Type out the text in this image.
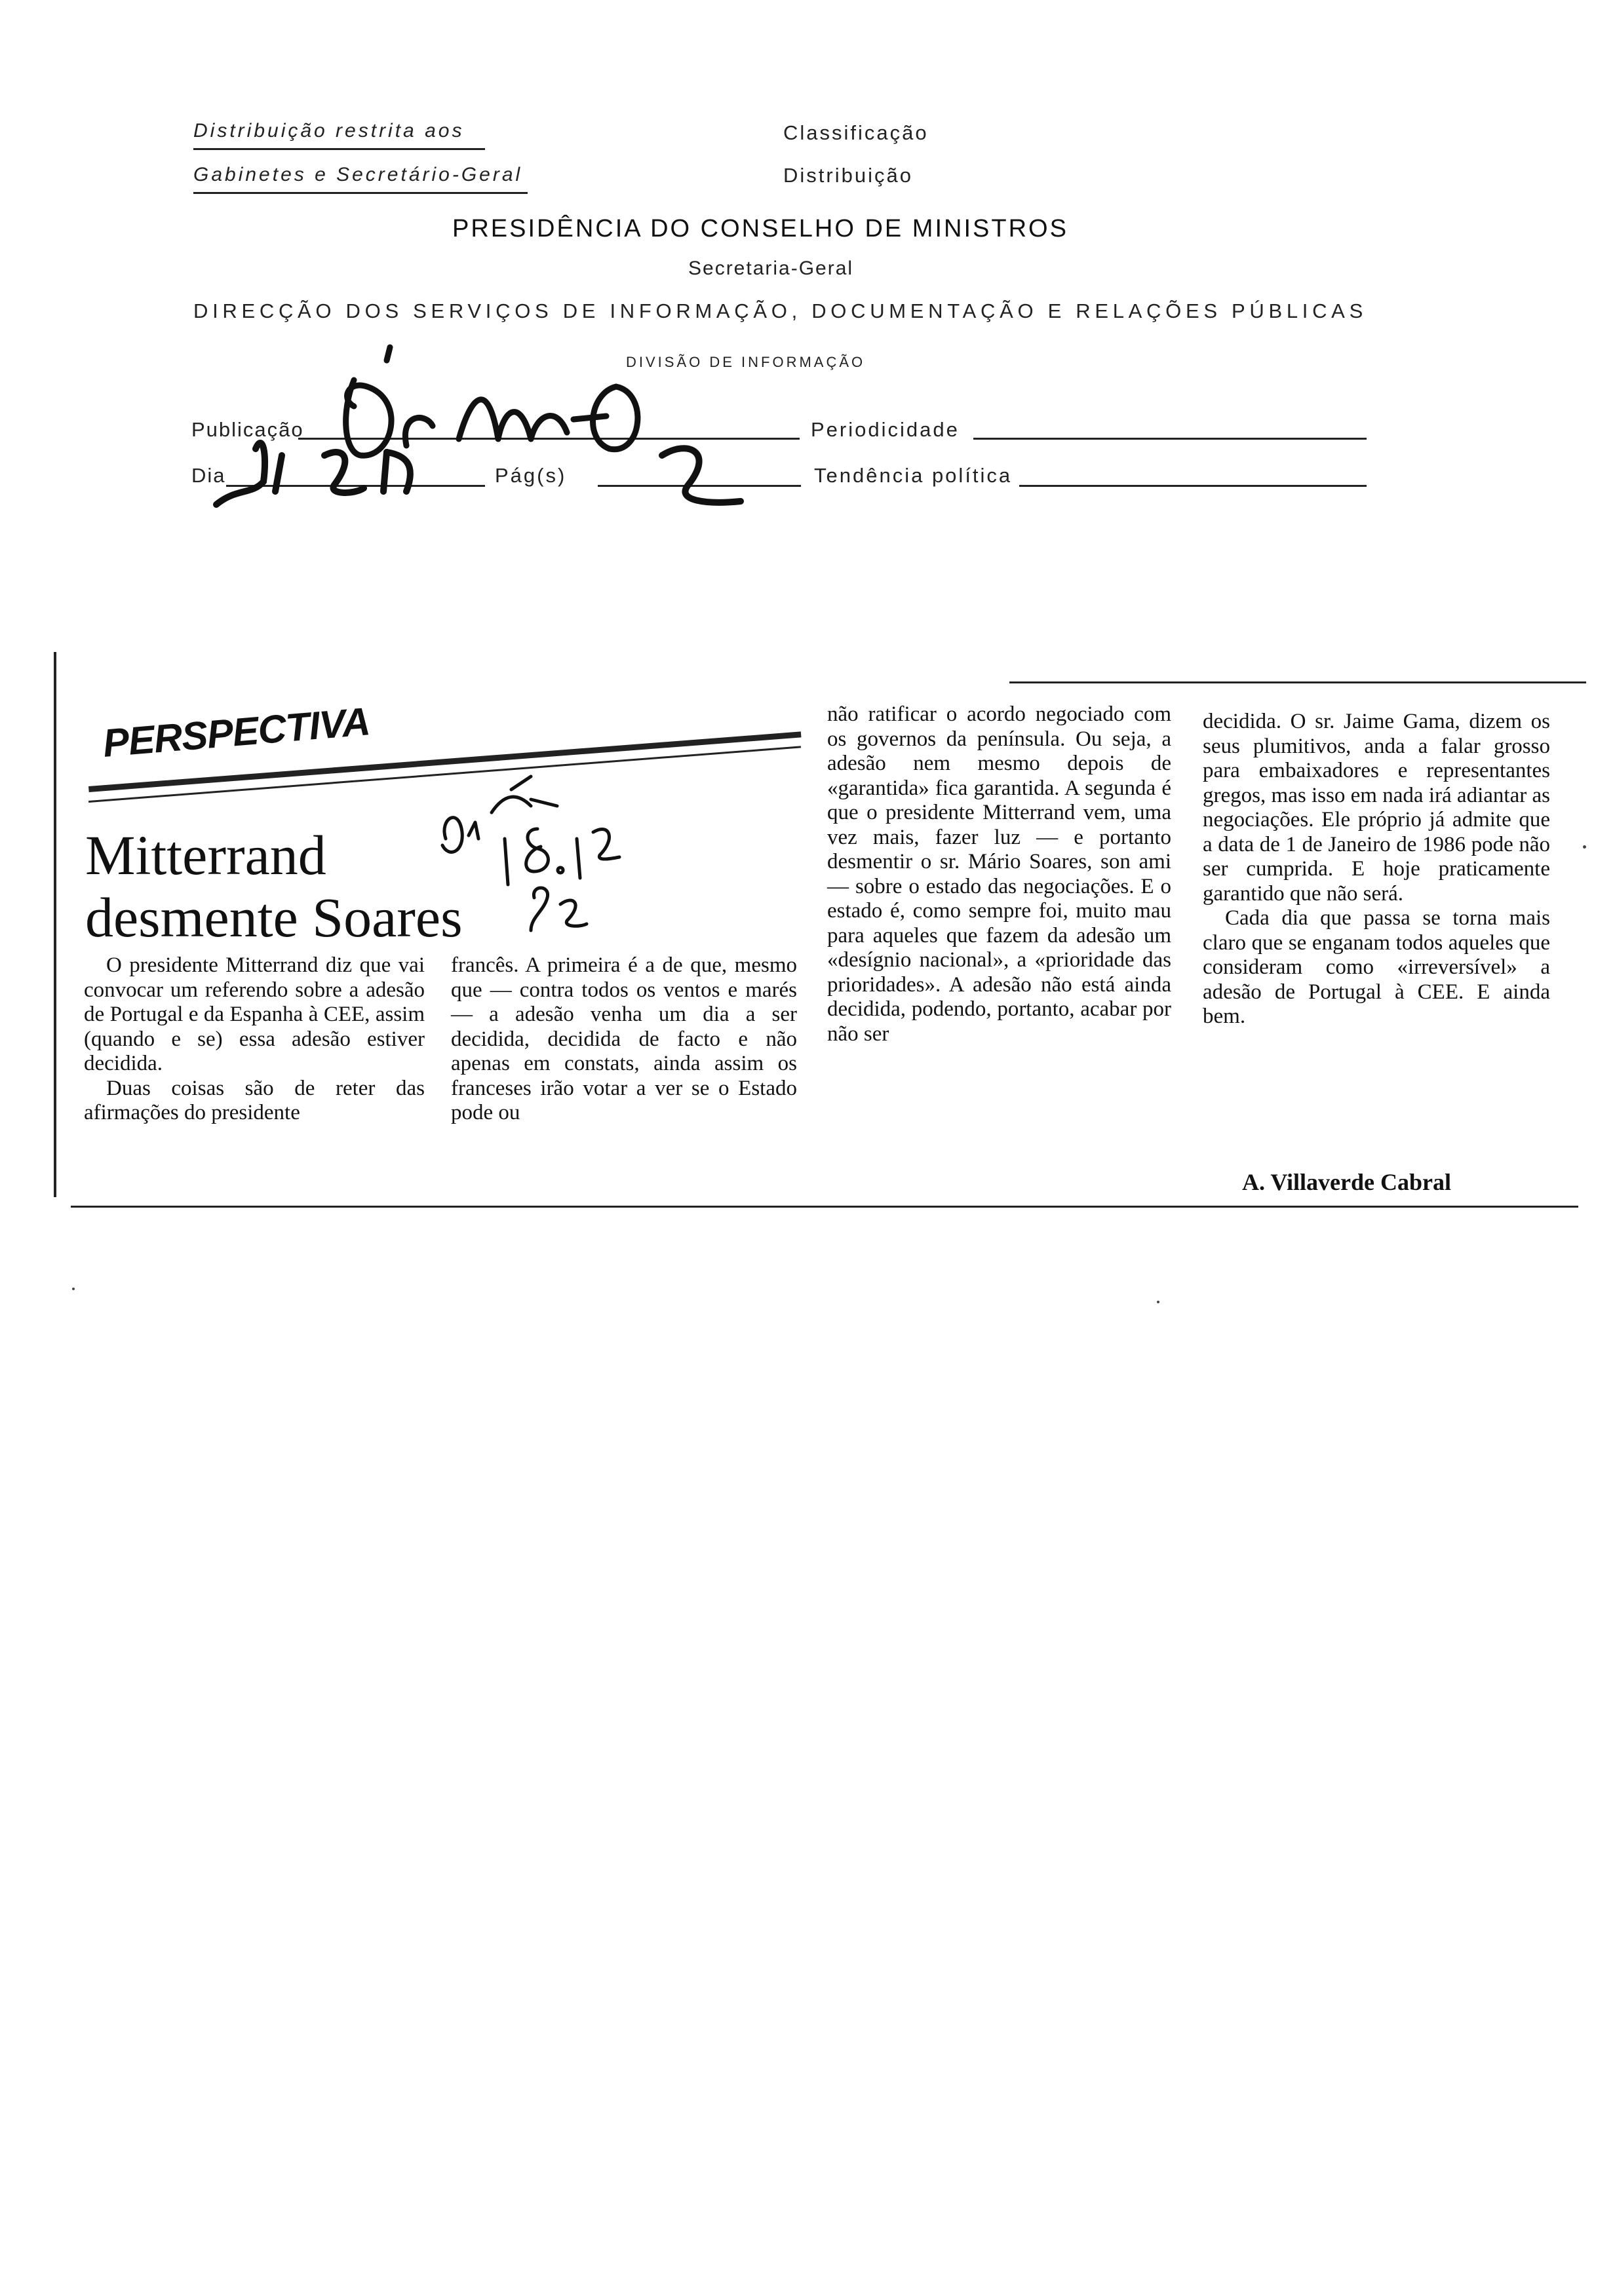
Distribuição restrita aos
Gabinetes e Secretário-Geral
Classificação
Distribuição
PRESIDÊNCIA DO CONSELHO DE MINISTROS
Secretaria-Geral
DIRECÇÃO DOS SERVIÇOS DE INFORMAÇÃO, DOCUMENTAÇÃO E RELAÇÕES PÚBLICAS
DIVISÃO DE INFORMAÇÃO
Publicação	Periodicidade
Dia	Pág(s)	Tendência política
PERSPECTIVA
Mitterrand
desmente Soares

O presidente Mitterrand diz que vai convocar um referendo sobre a adesão de Portugal e da Espanha à CEE, assim (quando e se) essa adesão estiver decidida.

Duas coisas são de reter das afirmações do presidente

francês. A primeira é a de que, mesmo que — contra todos os ventos e marés — a adesão venha um dia a ser decidida, decidida de facto e não apenas em constats, ainda assim os franceses irão votar a ver se o Estado pode ou

não ratificar o acordo negociado com os governos da península. Ou seja, a adesão nem mesmo depois de «garantida» fica garantida. A segunda é que o presidente Mitterrand vem, uma vez mais, fazer luz — e portanto desmentir o sr. Mário Soares, son ami — sobre o estado das negociações. E o estado é, como sempre foi, muito mau para aqueles que fazem da adesão um «desígnio nacional», a «prioridade das prioridades». A adesão não está ainda decidida, podendo, portanto, acabar por não ser

decidida. O sr. Jaime Gama, dizem os seus plumitivos, anda a falar grosso para embaixadores e representantes gregos, mas isso em nada irá adiantar as negociações. Ele próprio já admite que a data de 1 de Janeiro de 1986 pode não ser cumprida. E hoje praticamente garantido que não será.

Cada dia que passa se torna mais claro que se enganam todos aqueles que consideram como «irreversível» a adesão de Portugal à CEE. E ainda bem.

A. Villaverde Cabral
